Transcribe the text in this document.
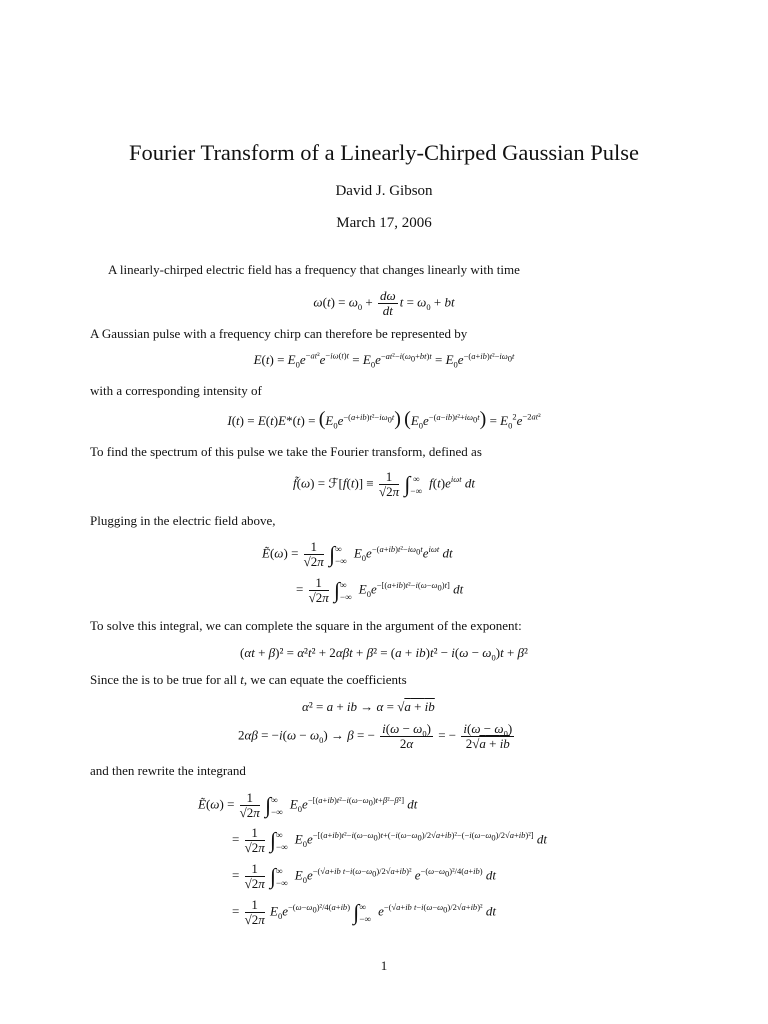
Fourier Transform of a Linearly-Chirped Gaussian Pulse
David J. Gibson
March 17, 2006
A linearly-chirped electric field has a frequency that changes linearly with time
$\omega(t) = \omega_0 + \frac{d\omega}{dt}$ $t = \omega_0$ + bt
A Gaussian pulse with a frequency chirp can therefore be represented by
$E(t) = E_0e^{-at^2}e^{-i\omega(t)t} = E_0e^{-at^2-i(\omega_0+bt)t} = E_0e^{-(a+ib)t^2-i\omega_0t}$
with a corresponding intensity of
$I(t) = E(t)E*(t) = (E_0e^{-(a+ib)t^2-i\omega_0t}) (E_0e^{-(a-ib)t^2+i\omega_0t}) = E_0^2e^{-2at^2}$
To find the spectrum of this pulse we take the Fourier transform, defined as
f̃(ω) = ℱ[f(t)] ≡ $\frac{1}{√2\pi}$ ∫ ∞
−∞
$f(t)e^{i\omega t}$ dt
Plugging in the electric field above,
Ẽ(ω) = $\frac{1}{√2\pi}$ ∫ ∞
−∞
$E_0e^{-(a+ib)t^2-i\omega_0t}e^{i\omega t}$ dt
= $\frac{1}{√2\pi}$ ∫ ∞
−∞
$E_0e^{-[(a+ib)t^2-i(\omega-\omega_0)t]}$ dt
To solve this integral, we can complete the square in the argument of the exponent:
$(\alpha t + \beta)^2 = \alpha^2t^2 + 2\alpha\beta t + \beta^2 = (a + ib)t^2 - i(\omega - \omega_0)t + \beta^2$
Since the is to be true for all t, we can equate the coefficients
α² = a + ib → α = √a + ib
$2\alpha\beta = -i(\omega - \omega_0) \to \beta$ = − $\frac{i(\omega - \omega_0)}{2\alpha}$ = − $\frac{i(\omega - \omega_0)}{2√a + ib}$
and then rewrite the integrand
Ẽ(ω) = $\frac{1}{√2\pi}$ ∫ ∞
−∞
$E_0e^{-[(a+ib)t^2-i(\omega-\omega_0)t+\beta^2-\beta^2]}$ dt
= $\frac{1}{√2\pi}$ ∫ ∞
−∞
$E_0e^{-[(a+ib)t^2-i(\omega-\omega_0)t+(-i(\omega-\omega_0)/2√a+ib)^2-(-i(\omega-\omega_0)/2√a+ib)^2]}$ dt
= $\frac{1}{√2\pi}$ ∫ ∞
−∞
$E_0e^{-(√a+ib t-i(\omega-\omega_0)/2√a+ib)^2}$ $e^{-(\omega-\omega_0)^2/4(a+ib)}$ dt
= $\frac{1}{√2\pi} E_0e^{-(\omega-\omega_0)^2/4(a+ib)}$ ∫ ∞
−∞
$e^{-(√a+ib t-i(\omega-\omega_0)/2√a+ib)^2}$ dt
1
